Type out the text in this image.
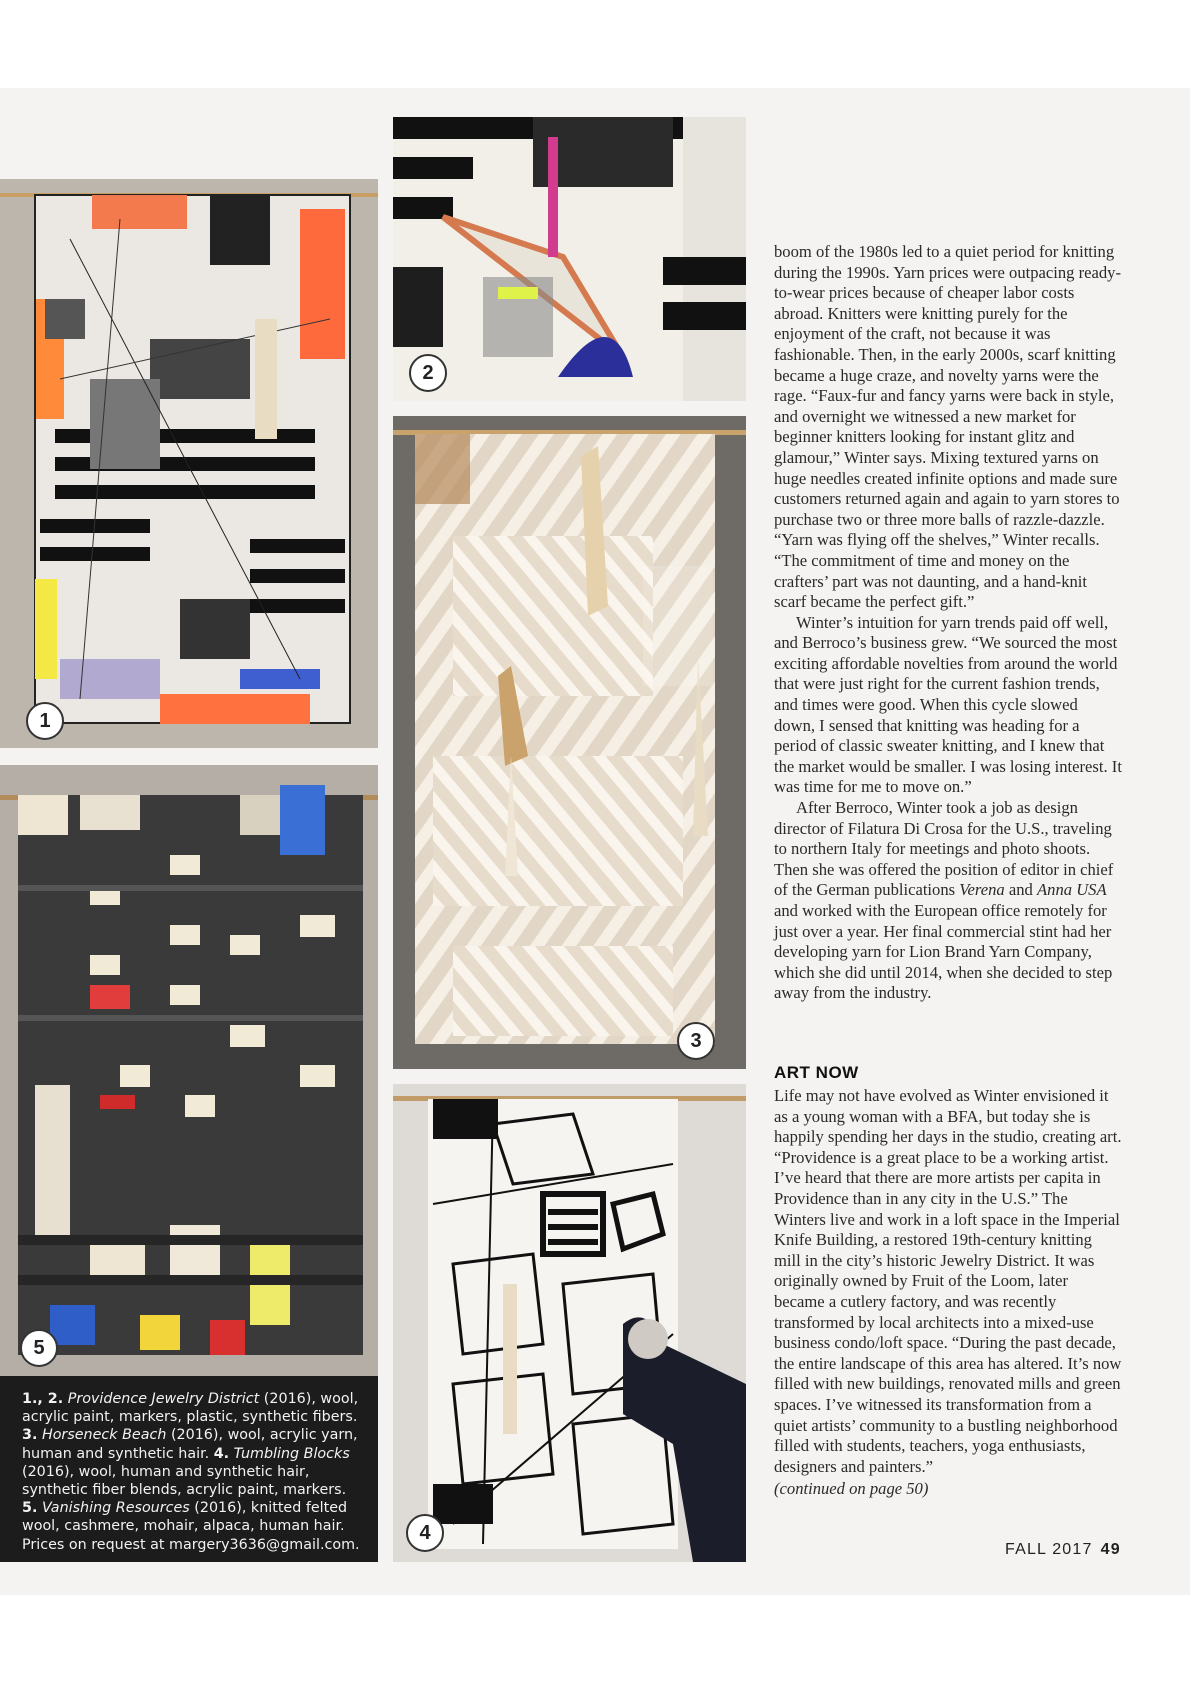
1
2
3
5
1., 2. Providence Jewelry District (2016), wool, acrylic paint, markers, plastic, synthetic fibers. 3. Horseneck Beach (2016), wool, acrylic yarn, human and synthetic hair. 4. Tumbling Blocks (2016), wool, human and synthetic hair, synthetic fiber blends, acrylic paint, markers. 5. Vanishing Resources (2016), knitted felted wool, cashmere, mohair, alpaca, human hair. Prices on request at margery3636@gmail.com.
4

boom of the 1980s led to a quiet period for knitting during the 1990s. Yarn prices were outpacing ready-to-wear prices because of cheaper labor costs abroad. Knitters were knitting purely for the enjoyment of the craft, not because it was fashionable. Then, in the early 2000s, scarf knitting became a huge craze, and novelty yarns were the rage. “Faux-fur and fancy yarns were back in style, and overnight we witnessed a new market for beginner knitters looking for instant glitz and glamour,” Winter says. Mixing textured yarns on huge needles created infinite options and made sure customers returned again and again to yarn stores to purchase two or three more balls of razzle-dazzle. “Yarn was flying off the shelves,” Winter recalls. “The commitment of time and money on the crafters’ part was not daunting, and a hand-knit scarf became the perfect gift.”

Winter’s intuition for yarn trends paid off well, and Berroco’s business grew. “We sourced the most exciting affordable novelties from around the world that were just right for the current fashion trends, and times were good. When this cycle slowed down, I sensed that knitting was heading for a period of classic sweater knitting, and I knew that the market would be smaller. I was losing interest. It was time for me to move on.”

After Berroco, Winter took a job as design director of Filatura Di Crosa for the U.S., traveling to northern Italy for meetings and photo shoots. Then she was offered the position of editor in chief of the German publications Verena and Anna USA and worked with the European office remotely for just over a year. Her final commercial stint had her developing yarn for Lion Brand Yarn Company, which she did until 2014, when she decided to step away from the industry.

ART NOW

Life may not have evolved as Winter envisioned it as a young woman with a BFA, but today she is happily spending her days in the studio, creating art. “Providence is a great place to be a working artist. I’ve heard that there are more artists per capita in Providence than in any city in the U.S.” The Winters live and work in a loft space in the Imperial Knife Building, a restored 19th-century knitting mill in the city’s historic Jewelry District. It was originally owned by Fruit of the Loom, later became a cutlery factory, and was recently transformed by local architects into a mixed-use business condo/loft space. “During the past decade, the entire landscape of this area has altered. It’s now filled with new buildings, renovated mills and green spaces. I’ve witnessed its transformation from a quiet artists’ community to a bustling neighborhood filled with students, teachers, yoga enthusiasts, designers and painters.”

(continued on page 50)

FALL 2017 49
